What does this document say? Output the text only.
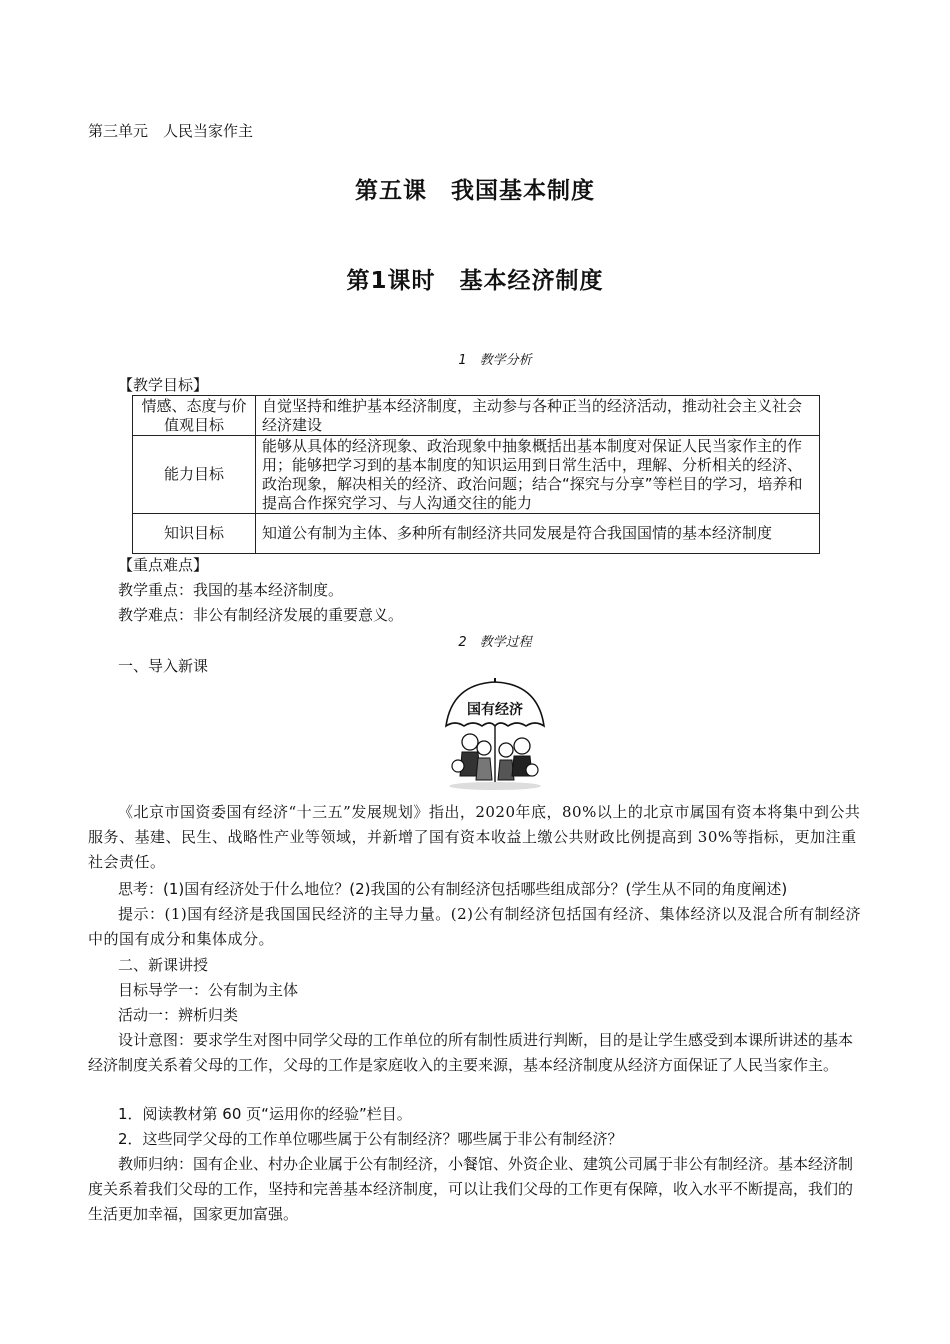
第三单元　人民当家作主
第五课　我国基本制度
第1课时　基本经济制度
1　教学分析
【教学目标】
情感、态度与价值观目标	自觉坚持和维护基本经济制度，主动参与各种正当的经济活动，推动社会主义社会经济建设
能力目标	能够从具体的经济现象、政治现象中抽象概括出基本制度对保证人民当家作主的作用；能够把学习到的基本制度的知识运用到日常生活中，理解、分析相关的经济、政治现象，解决相关的经济、政治问题；结合“探究与分享”等栏目的学习，培养和提高合作探究学习、与人沟通交往的能力
知识目标	知道公有制为主体、多种所有制经济共同发展是符合我国国情的基本经济制度
【重点难点】
教学重点：我国的基本经济制度。
教学难点：非公有制经济发展的重要意义。
2　教学过程
一、导入新课
国有经济
《北京市国资委国有经济“十三五”发展规划》指出，2020年底，80%以上的北京市属国有资本将集中到公共服务、基建、民生、战略性产业等领域，并新增了国有资本收益上缴公共财政比例提高到 30%等指标，更加注重社会责任。
思考：(1)国有经济处于什么地位？(2)我国的公有制经济包括哪些组成部分？(学生从不同的角度阐述)
提示：(1)国有经济是我国国民经济的主导力量。(2)公有制经济包括国有经济、集体经济以及混合所有制经济中的国有成分和集体成分。
二、新课讲授
目标导学一：公有制为主体
活动一：辨析归类
设计意图：要求学生对图中同学父母的工作单位的所有制性质进行判断，目的是让学生感受到本课所讲述的基本经济制度关系着父母的工作，父母的工作是家庭收入的主要来源，基本经济制度从经济方面保证了人民当家作主。
1．阅读教材第 60 页“运用你的经验”栏目。
2．这些同学父母的工作单位哪些属于公有制经济？哪些属于非公有制经济？
教师归纳：国有企业、村办企业属于公有制经济，小餐馆、外资企业、建筑公司属于非公有制经济。基本经济制度关系着我们父母的工作，坚持和完善基本经济制度，可以让我们父母的工作更有保障，收入水平不断提高，我们的生活更加幸福，国家更加富强。
